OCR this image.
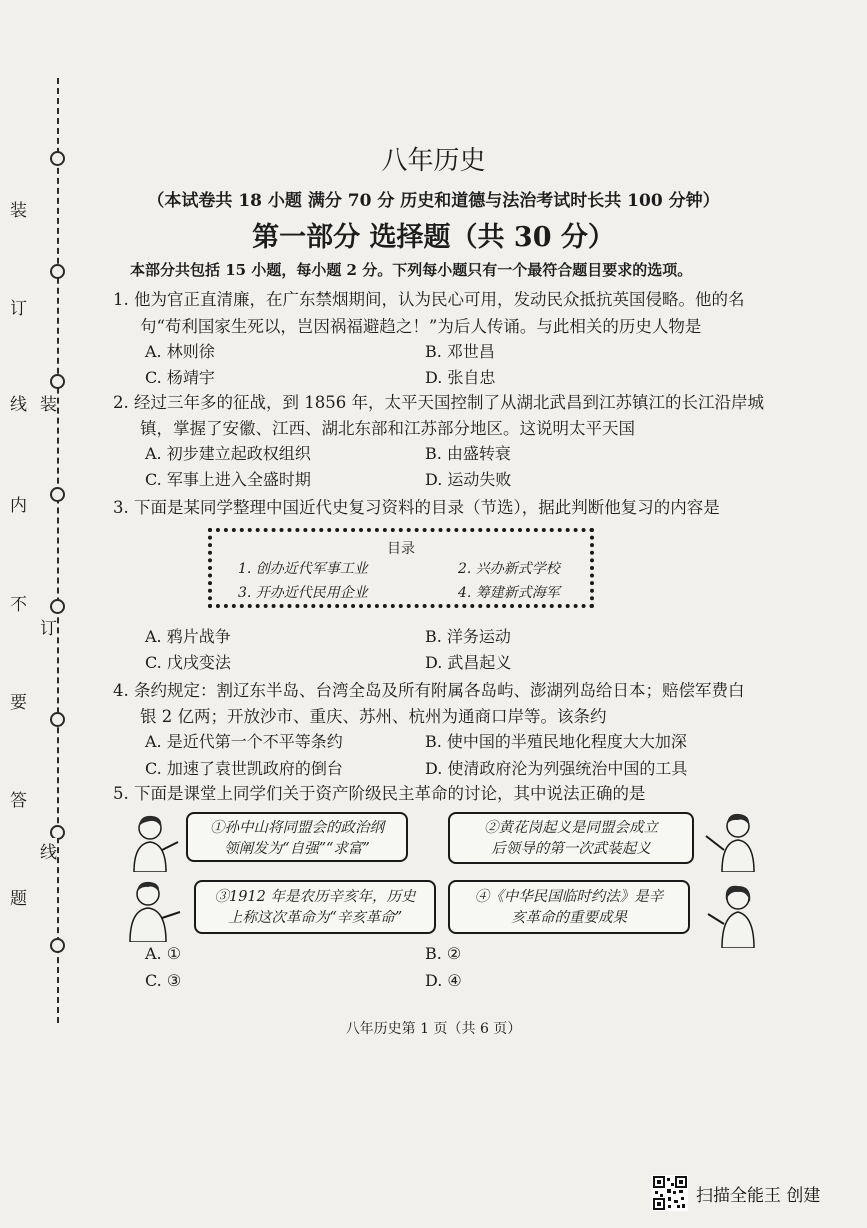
装
订
线
内
不
要
答
题
装
订
线
八年历史
（本试卷共 18 小题 满分 70 分 历史和道德与法治考试时长共 100 分钟）
第一部分 选择题（共 30 分）
本部分共包括 15 小题，每小题 2 分。下列每小题只有一个最符合题目要求的选项。
1. 他为官正直清廉，在广东禁烟期间，认为民心可用，发动民众抵抗英国侵略。他的名
句“苟利国家生死以，岂因祸福避趋之！”为后人传诵。与此相关的历史人物是
A. 林则徐	B. 邓世昌
C. 杨靖宇	D. 张自忠
2. 经过三年多的征战，到 1856 年，太平天国控制了从湖北武昌到江苏镇江的长江沿岸城
镇，掌握了安徽、江西、湖北东部和江苏部分地区。这说明太平天国
A. 初步建立起政权组织	B. 由盛转衰
C. 军事上进入全盛时期	D. 运动失败
3. 下面是某同学整理中国近代史复习资料的目录（节选），据此判断他复习的内容是
目录
1. 创办近代军事工业	2. 兴办新式学校
3. 开办近代民用企业	4. 筹建新式海军
A. 鸦片战争	B. 洋务运动
C. 戊戌变法	D. 武昌起义
4. 条约规定：割辽东半岛、台湾全岛及所有附属各岛屿、澎湖列岛给日本；赔偿军费白
银 2 亿两；开放沙市、重庆、苏州、杭州为通商口岸等。该条约
A. 是近代第一个不平等条约	B. 使中国的半殖民地化程度大大加深
C. 加速了袁世凯政府的倒台	D. 使清政府沦为列强统治中国的工具
5. 下面是课堂上同学们关于资产阶级民主革命的讨论，其中说法正确的是
①孙中山将同盟会的政治纲
领阐发为“自强”“求富”
②黄花岗起义是同盟会成立
后领导的第一次武装起义
③1912 年是农历辛亥年，历史
上称这次革命为“辛亥革命”
④《中华民国临时约法》是辛
亥革命的重要成果
A. ①	B. ②
C. ③	D. ④
八年历史第 1 页（共 6 页）
扫描全能王 创建
